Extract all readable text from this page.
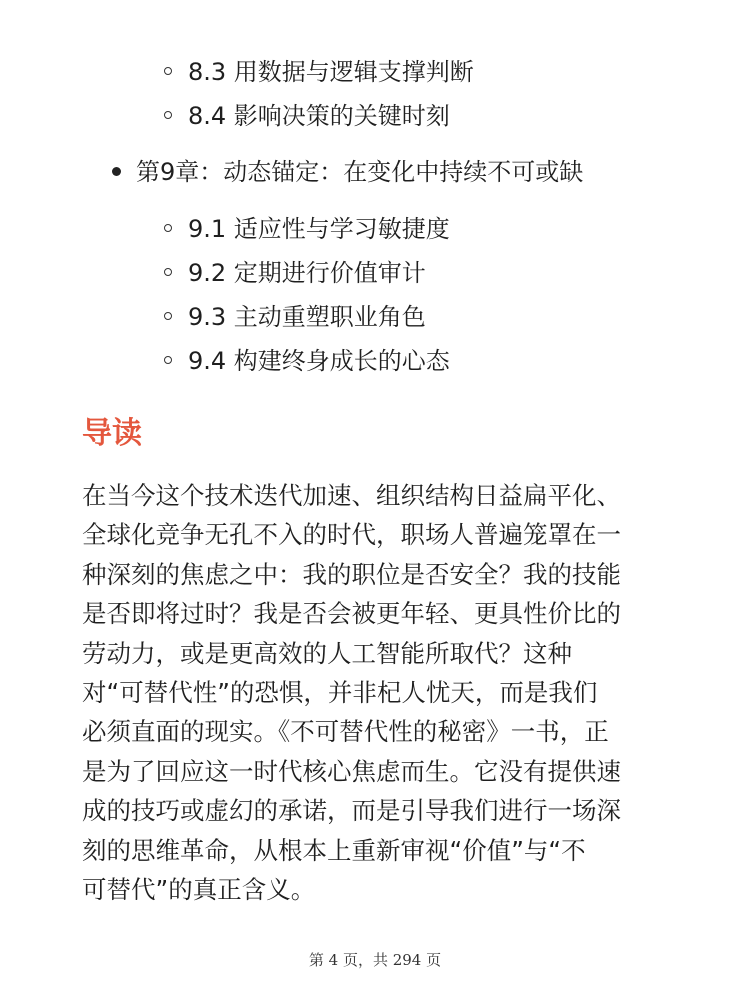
8.3 用数据与逻辑支撑判断
8.4 影响决策的关键时刻
第9章：动态锚定：在变化中持续不可或缺
9.1 适应性与学习敏捷度
9.2 定期进行价值审计
9.3 主动重塑职业角色
9.4 构建终身成长的心态
导读
在当今这个技术迭代加速、组织结构日益扁平化、
全球化竞争无孔不入的时代，职场人普遍笼罩在一
种深刻的焦虑之中：我的职位是否安全？我的技能
是否即将过时？我是否会被更年轻、更具性价比的
劳动力，或是更高效的人工智能所取代？这种
对“可替代性”的恐惧，并非杞人忧天，而是我们
必须直面的现实。《不可替代性的秘密》一书，正
是为了回应这一时代核心焦虑而生。它没有提供速
成的技巧或虚幻的承诺，而是引导我们进行一场深
刻的思维革命，从根本上重新审视“价值”与“不
可替代”的真正含义。
第 4 页，共 294 页
